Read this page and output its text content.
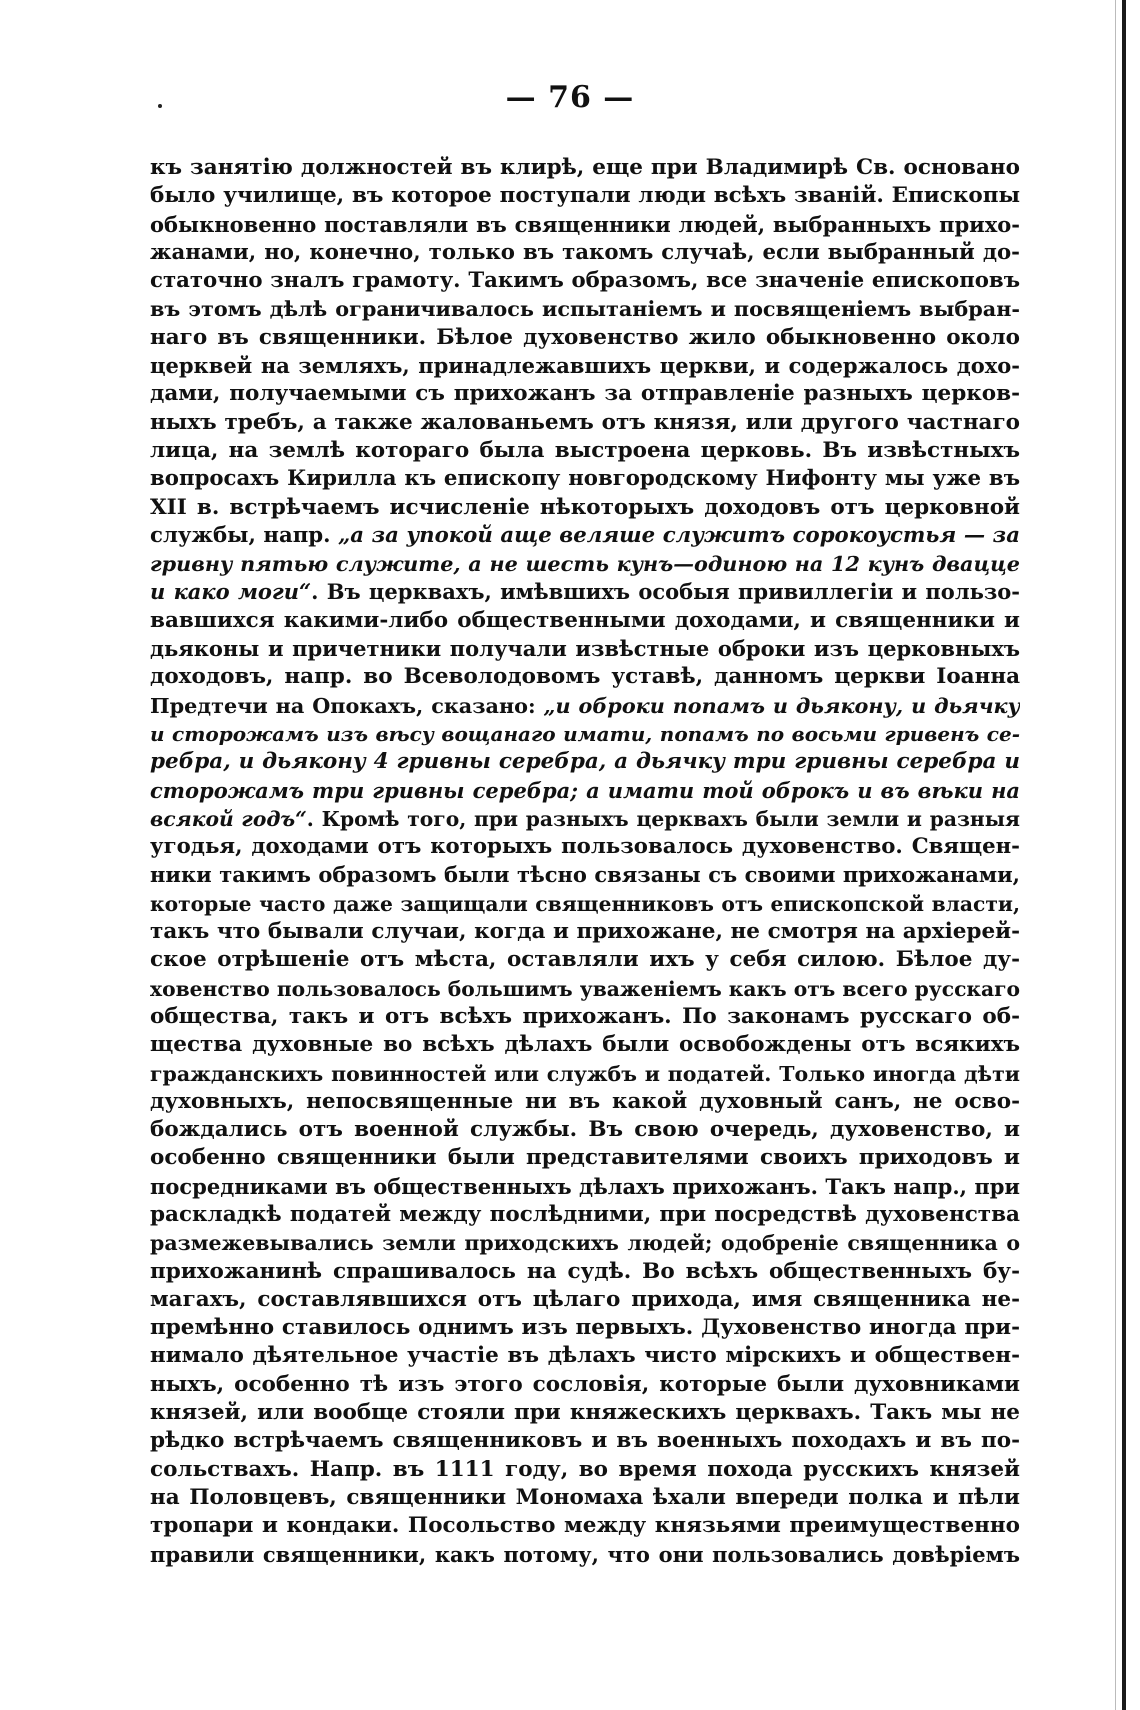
— 76 —
къ занятію должностей въ клирѣ, еще при Владимирѣ Св. основано
было училище, въ которое поступали люди всѣхъ званій. Епископы
обыкновенно поставляли въ священники людей, выбранныхъ прихо-
жанами, но, конечно, только въ такомъ случаѣ, если выбранный до-
статочно зналъ грамоту. Такимъ образомъ, все значеніе епископовъ
въ этомъ дѣлѣ ограничивалось испытаніемъ и посвященіемъ выбран-
наго въ священники. Бѣлое духовенство жило обыкновенно около
церквей на земляхъ, принадлежавшихъ церкви, и содержалось дохо-
дами, получаемыми съ прихожанъ за отправленіе разныхъ церков-
ныхъ требъ, а также жалованьемъ отъ князя, или другого частнаго
лица, на землѣ котораго была выстроена церковь. Въ извѣстныхъ
вопросахъ Кирилла къ епископу новгородскому Нифонту мы уже въ
XII в. встрѣчаемъ исчисленіе нѣкоторыхъ доходовъ отъ церковной
службы, напр. „а за упокой аще веляше служитъ сорокоустья — за
гривну пятью служите, а не шесть кунъ—одиною на 12 кунъ двацце
и како моги“. Въ церквахъ, имѣвшихъ особыя привиллегіи и пользо-
вавшихся какими-либо общественными доходами, и священники и
дьяконы и причетники получали извѣстные оброки изъ церковныхъ
доходовъ, напр. во Всеволодовомъ уставѣ, данномъ церкви Іоанна
Предтечи на Опокахъ, сказано: „и оброки попамъ и дьякону, и дьячку
и сторожамъ изъ вѣсу вощанаго имати, попамъ по восьми гривенъ се-
ребра, и дьякону 4 гривны серебра, а дьячку три гривны серебра и
сторожамъ три гривны серебра; а имати той оброкъ и въ вѣки на
всякой годъ“. Кромѣ того, при разныхъ церквахъ были земли и разныя
угодья, доходами отъ которыхъ пользовалось духовенство. Священ-
ники такимъ образомъ были тѣсно связаны съ своими прихожанами,
которые часто даже защищали священниковъ отъ епископской власти,
такъ что бывали случаи, когда и прихожане, не смотря на архіерей-
ское отрѣшеніе отъ мѣста, оставляли ихъ у себя силою. Бѣлое ду-
ховенство пользовалось большимъ уваженіемъ какъ отъ всего русскаго
общества, такъ и отъ всѣхъ прихожанъ. По законамъ русскаго об-
щества духовные во всѣхъ дѣлахъ были освобождены отъ всякихъ
гражданскихъ повинностей или службъ и податей. Только иногда дѣти
духовныхъ, непосвященные ни въ какой духовный санъ, не осво-
бождались отъ военной службы. Въ свою очередь, духовенство, и
особенно священники были представителями своихъ приходовъ и
посредниками въ общественныхъ дѣлахъ прихожанъ. Такъ напр., при
раскладкѣ податей между послѣдними, при посредствѣ духовенства
размежевывались земли приходскихъ людей; одобреніе священника о
прихожанинѣ спрашивалось на судѣ. Во всѣхъ общественныхъ бу-
магахъ, составлявшихся отъ цѣлаго прихода, имя священника не-
премѣнно ставилось однимъ изъ первыхъ. Духовенство иногда при-
нимало дѣятельное участіе въ дѣлахъ чисто мірскихъ и обществен-
ныхъ, особенно тѣ изъ этого сословія, которые были духовниками
князей, или вообще стояли при княжескихъ церквахъ. Такъ мы не
рѣдко встрѣчаемъ священниковъ и въ военныхъ походахъ и въ по-
сольствахъ. Напр. въ 1111 году, во время похода русскихъ князей
на Половцевъ, священники Мономаха ѣхали впереди полка и пѣли
тропари и кондаки. Посольство между князьями преимущественно
правили священники, какъ потому, что они пользовались довѣріемъ
